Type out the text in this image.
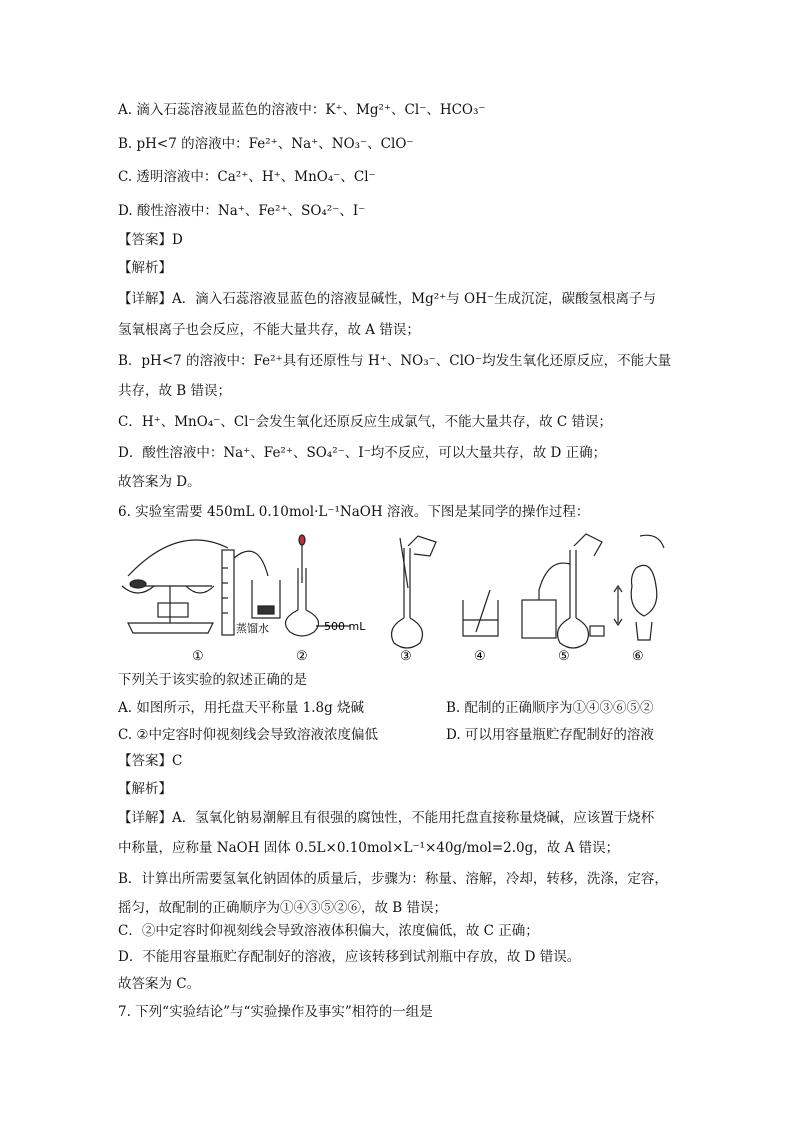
A. 滴入石蕊溶液显蓝色的溶液中：K⁺、Mg²⁺、Cl⁻、HCO₃⁻
B. pH<7 的溶液中：Fe²⁺、Na⁺、NO₃⁻、ClO⁻
C. 透明溶液中：Ca²⁺、H⁺、MnO₄⁻、Cl⁻
D. 酸性溶液中：Na⁺、Fe²⁺、SO₄²⁻、I⁻
【答案】D
【解析】
【详解】A．滴入石蕊溶液显蓝色的溶液显碱性，Mg²⁺与 OH⁻生成沉淀，碳酸氢根离子与
氢氧根离子也会反应，不能大量共存，故 A 错误；
B．pH<7 的溶液中：Fe²⁺具有还原性与 H⁺、NO₃⁻、ClO⁻均发生氧化还原反应，不能大量
共存，故 B 错误；
C．H⁺、MnO₄⁻、Cl⁻会发生氧化还原反应生成氯气，不能大量共存，故 C 错误；
D．酸性溶液中：Na⁺、Fe²⁺、SO₄²⁻、I⁻均不反应，可以大量共存，故 D 正确；
故答案为 D。
6. 实验室需要 450mL 0.10mol·L⁻¹NaOH 溶液。下图是某同学的操作过程：
蒸馏水	500 mL
①	②	③	④	⑤	⑥
下列关于该实验的叙述正确的是
A. 如图所示，用托盘天平称量 1.8g 烧碱	B. 配制的正确顺序为①④③⑥⑤②
C. ②中定容时仰视刻线会导致溶液浓度偏低	D. 可以用容量瓶贮存配制好的溶液
【答案】C
【解析】
【详解】A．氢氧化钠易潮解且有很强的腐蚀性，不能用托盘直接称量烧碱，应该置于烧杯
中称量，应称量 NaOH 固体 0.5L×0.10mol×L⁻¹×40g/mol=2.0g，故 A 错误；
B．计算出所需要氢氧化钠固体的质量后，步骤为：称量、溶解，冷却，转移，洗涤，定容，
摇匀，故配制的正确顺序为①④③⑤②⑥，故 B 错误；
C．②中定容时仰视刻线会导致溶液体积偏大，浓度偏低，故 C 正确；
D．不能用容量瓶贮存配制好的溶液，应该转移到试剂瓶中存放，故 D 错误。
故答案为 C。
7. 下列“实验结论”与“实验操作及事实”相符的一组是
